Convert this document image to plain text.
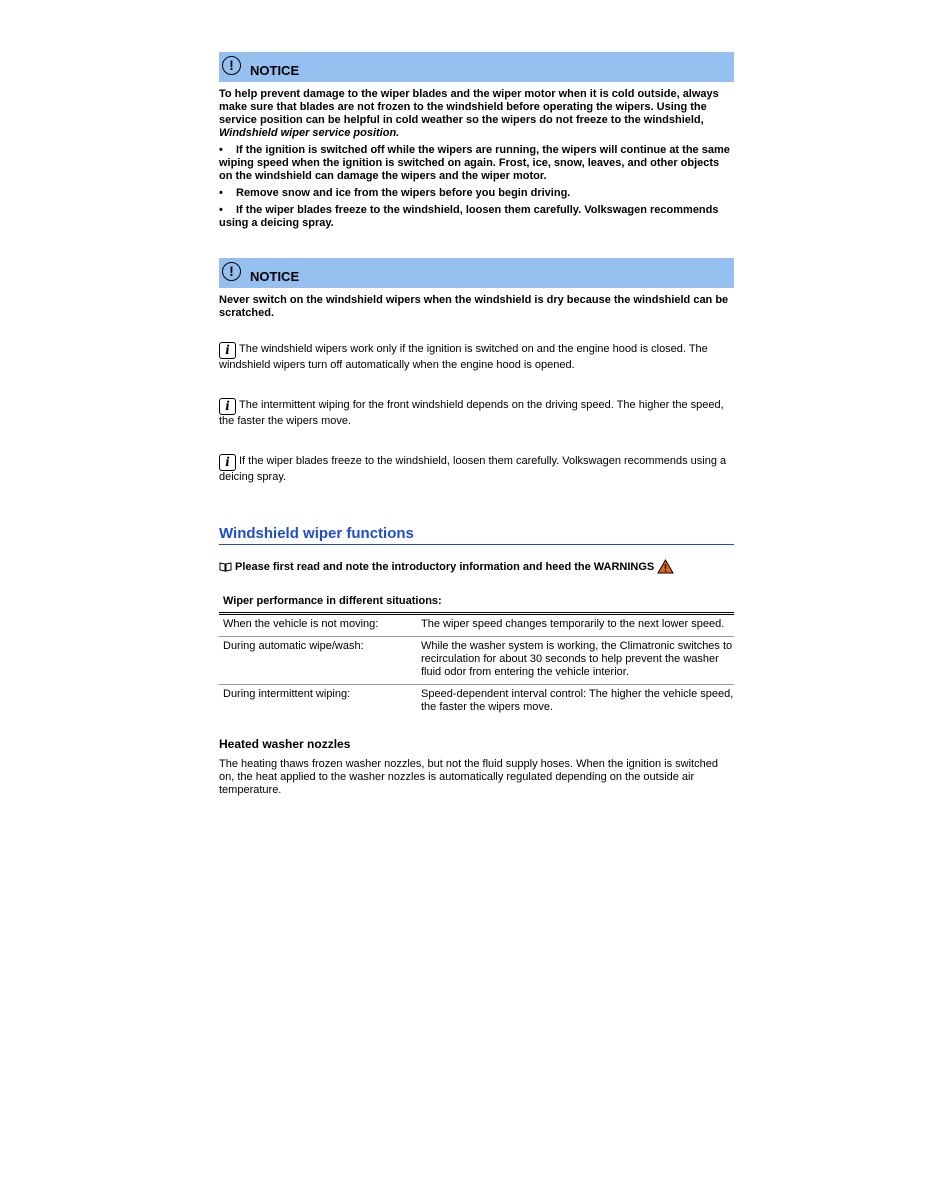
!	NOTICE
To help prevent damage to the wiper blades and the wiper motor when it is cold outside, always make sure that blades are not frozen to the windshield before operating the wipers. Using the service position can be helpful in cold weather so the wipers do not freeze to the windshield, Windshield wiper service position.
• If the ignition is switched off while the wipers are running, the wipers will continue at the same wiping speed when the ignition is switched on again. Frost, ice, snow, leaves, and other objects on the windshield can damage the wipers and the wiper motor.
• Remove snow and ice from the wipers before you begin driving.
• If the wiper blades freeze to the windshield, loosen them carefully. Volkswagen recommends using a deicing spray.
!	NOTICE
Never switch on the windshield wipers when the windshield is dry because the windshield can be scratched.
i The windshield wipers work only if the ignition is switched on and the engine hood is closed. The windshield wipers turn off automatically when the engine hood is opened.
i The intermittent wiping for the front windshield depends on the driving speed. The higher the speed, the faster the wipers move.
i If the wiper blades freeze to the windshield, loosen them carefully. Volkswagen recommends using a deicing spray.
Windshield wiper functions
Please first read and note the introductory information and heed the WARNINGS
Wiper performance in different situations:
When the vehicle is not moving:	The wiper speed changes temporarily to the next lower speed.
During automatic wipe/wash:	While the washer system is working, the Climatronic switches to recirculation for about 30 seconds to help prevent the washer fluid odor from entering the vehicle interior.
During intermittent wiping:	Speed-dependent interval control: The higher the vehicle speed, the faster the wipers move.
Heated washer nozzles
The heating thaws frozen washer nozzles, but not the fluid supply hoses. When the ignition is switched on, the heat applied to the washer nozzles is automatically regulated depending on the outside air temperature.
